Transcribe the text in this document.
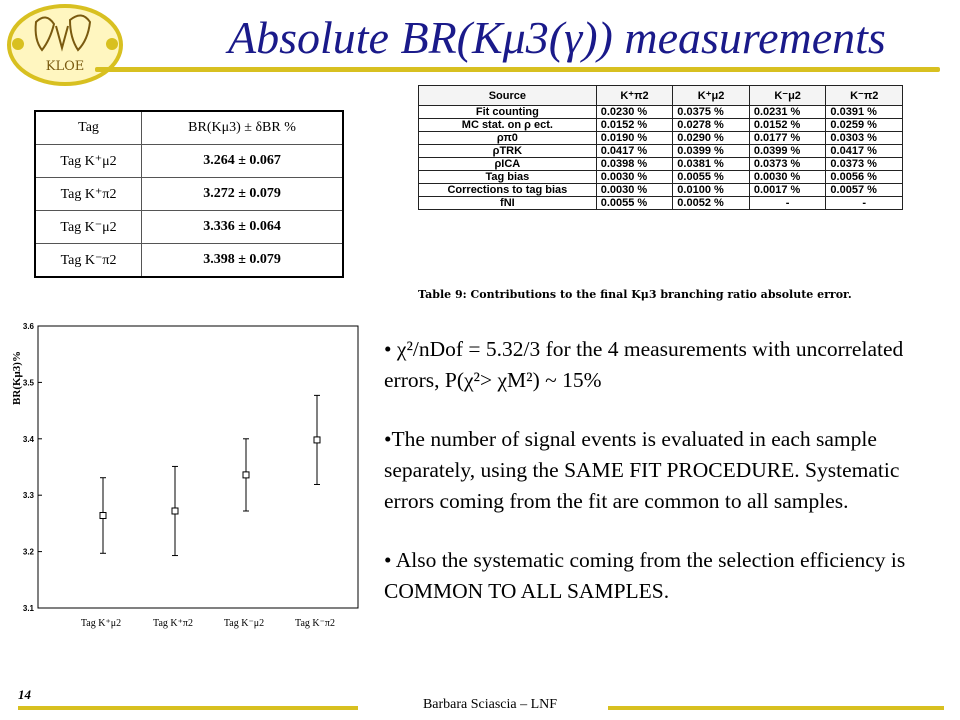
KLOE
Absolute BR(Kμ3(γ)) measurements
Tag	BR(Kμ3) ± δBR %
Tag K⁺μ2	3.264 ± 0.067
Tag K⁺π2	3.272 ± 0.079
Tag K⁻μ2	3.336 ± 0.064
Tag K⁻π2	3.398 ± 0.079
Source	K⁺π2	K⁺μ2	K⁻μ2	K⁻π2
Fit counting	0.0230 %	0.0375 %	0.0231 %	0.0391 %
MC stat. on ρ ect.	0.0152 %	0.0278 %	0.0152 %	0.0259 %
ρπ0	0.0190 %	0.0290 %	0.0177 %	0.0303 %
ρTRK	0.0417 %	0.0399 %	0.0399 %	0.0417 %
ρICA	0.0398 %	0.0381 %	0.0373 %	0.0373 %
Tag bias	0.0030 %	0.0055 %	0.0030 %	0.0056 %
Corrections to tag bias	0.0030 %	0.0100 %	0.0017 %	0.0057 %
fNI	0.0055 %	0.0052 %	-	-
Table 9: Contributions to the final Kμ3 branching ratio absolute error.
BR(Kμ3)%
3.1
3.2
3.3
3.4
3.5
3.6
Tag K⁺μ2	Tag K⁺π2	Tag K⁻μ2	Tag K⁻π2
• χ²/nDof = 5.32/3 for the 4 measurements with uncorrelated errors, P(χ²> χM²) ~ 15%
•The number of signal events is evaluated in each sample separately, using the SAME FIT PROCEDURE. Systematic errors coming from the fit are common to all samples.
• Also the systematic coming from the selection efficiency is COMMON TO ALL SAMPLES.
14
Barbara Sciascia – LNF
